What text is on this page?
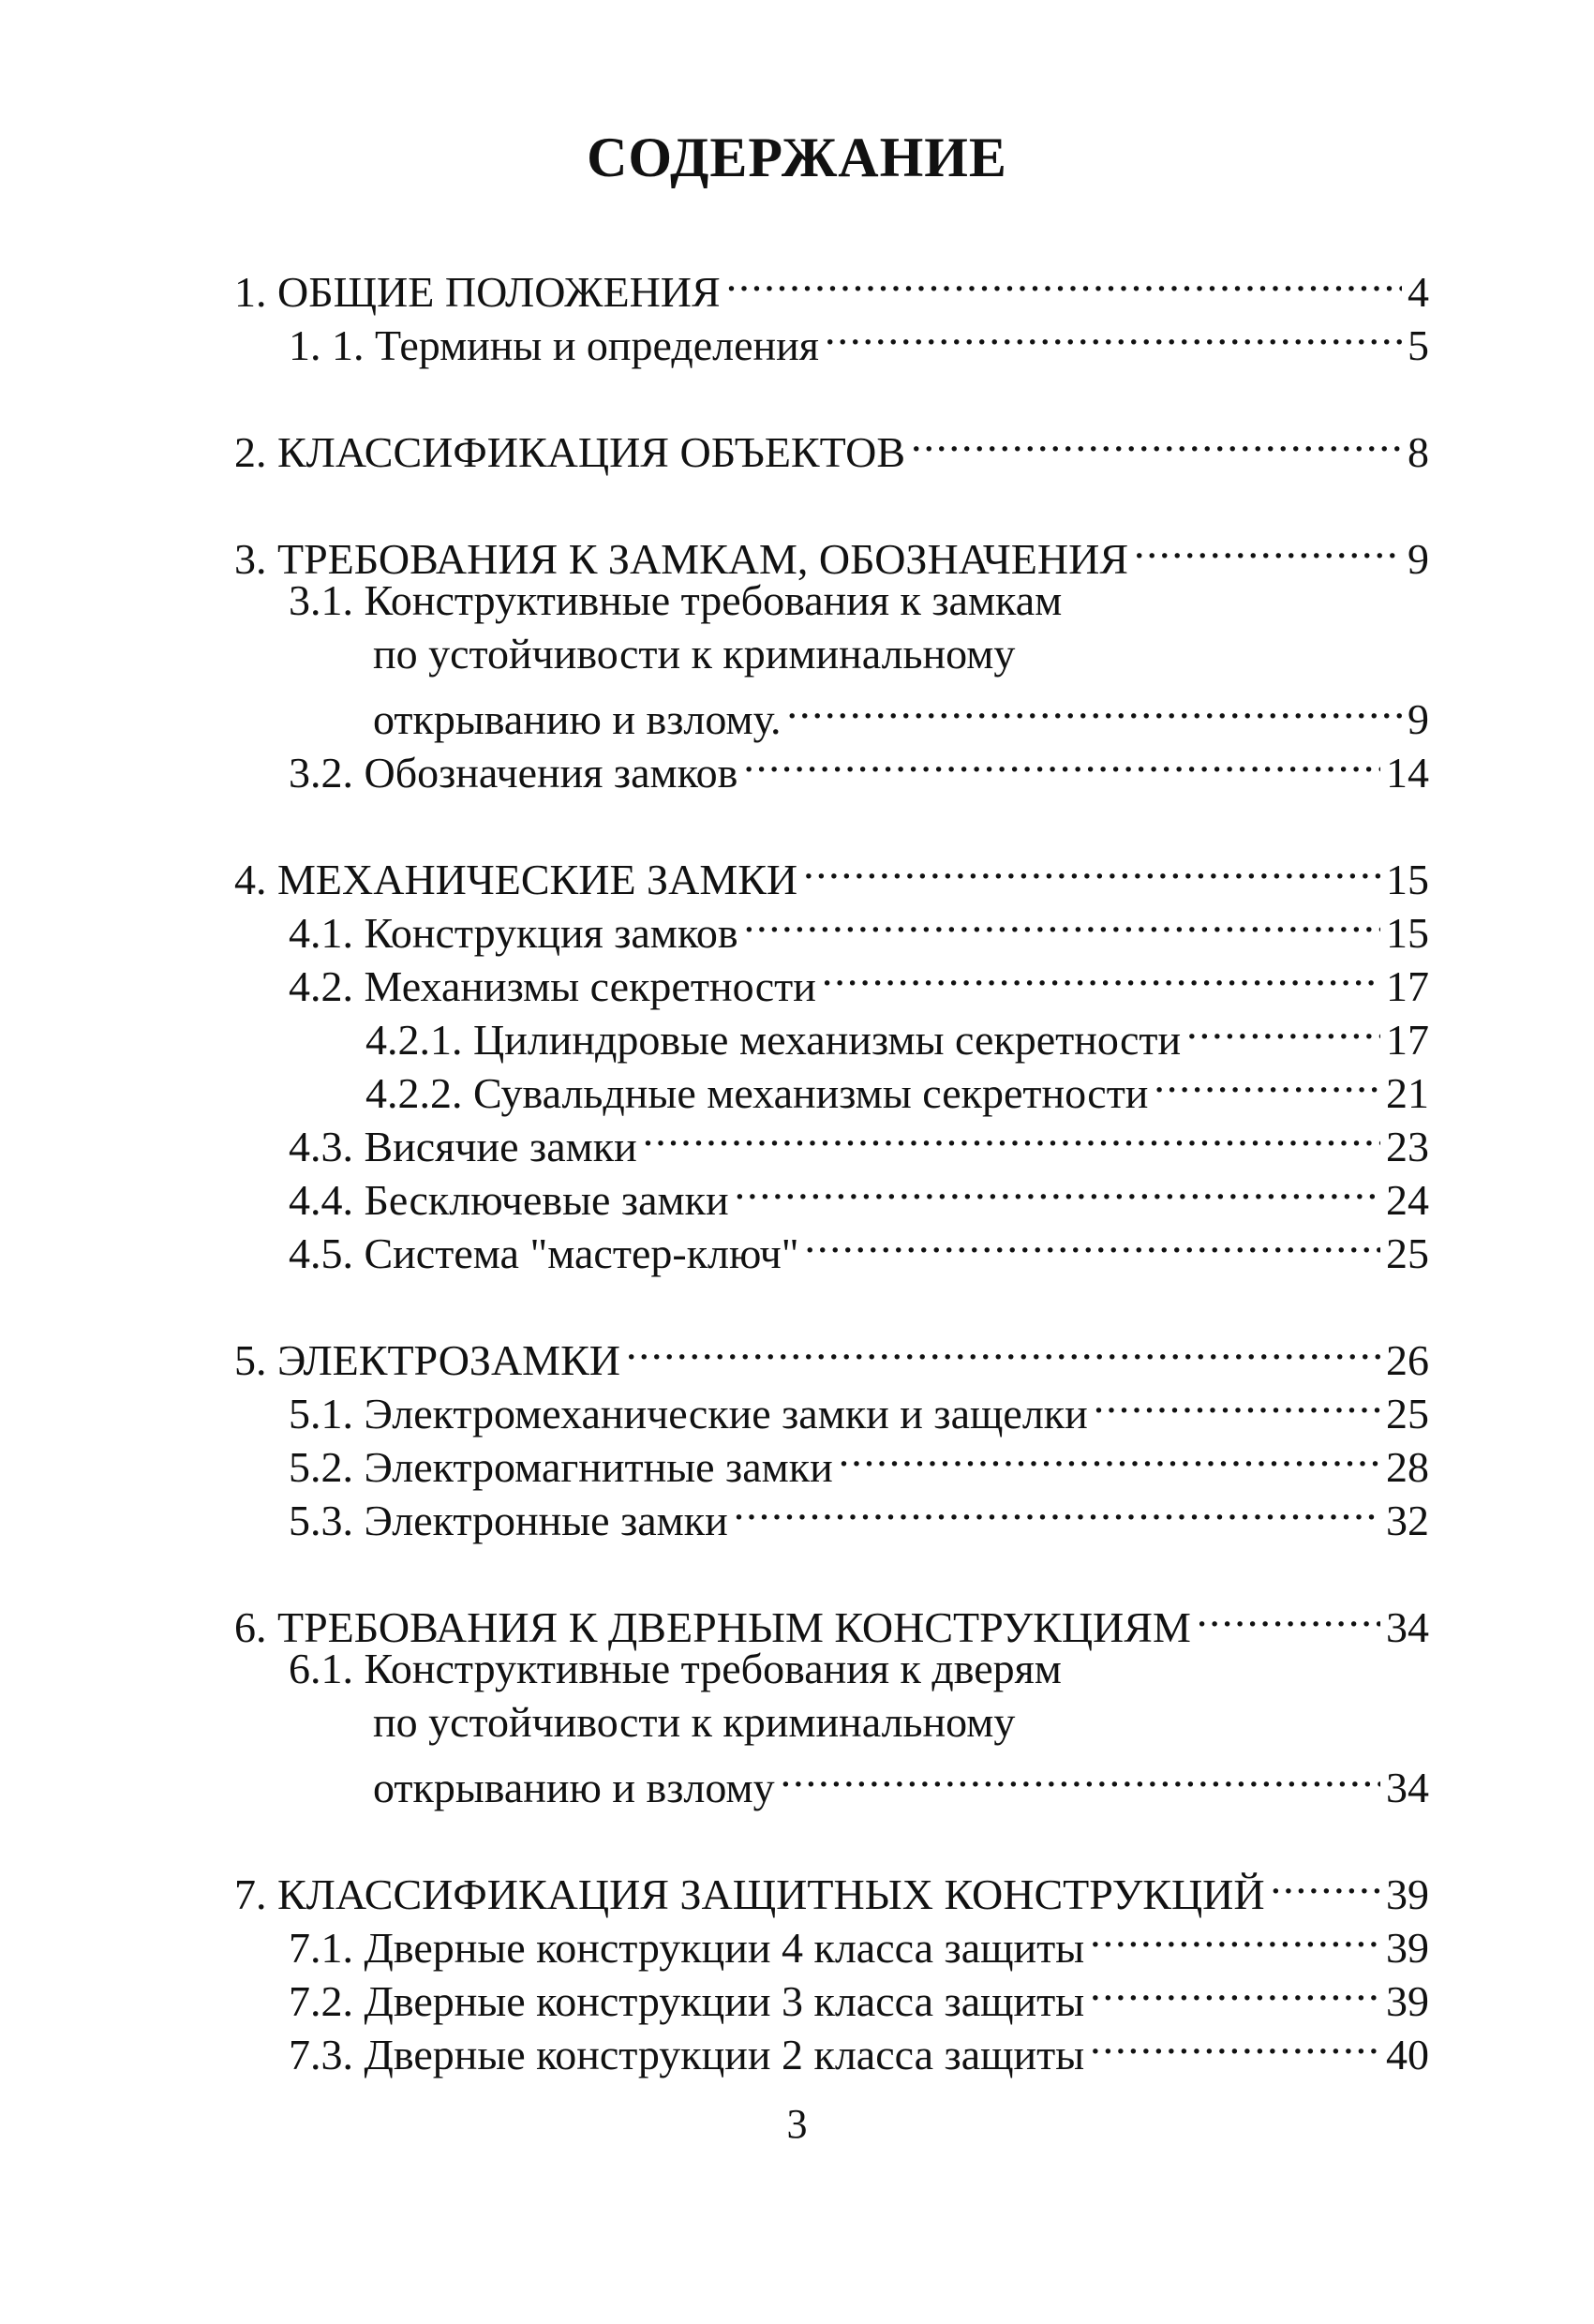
СОДЕРЖАНИЕ
1. ОБЩИЕ ПОЛОЖЕНИЯ .....	4
1. 1. Термины и определения .....	5
2. КЛАССИФИКАЦИЯ ОБЪЕКТОВ .....	8
3. ТРЕБОВАНИЯ К ЗАМКАМ, ОБОЗНАЧЕНИЯ .....	9
3.1. Конструктивные требования к замкам
по устойчивости к криминальному
открыванию и взлому. .....	9
3.2. Обозначения замков .....	14
4. МЕХАНИЧЕСКИЕ ЗАМКИ .....	15
4.1. Конструкция замков .....	15
4.2. Механизмы секретности .....	17
4.2.1. Цилиндровые механизмы секретности .....	17
4.2.2. Сувальдные механизмы секретности .....	21
4.3. Висячие замки .....	23
4.4. Бесключевые замки .....	24
4.5. Система "мастер-ключ" .....	25
5. ЭЛЕКТРОЗАМКИ .....	26
5.1. Электромеханические замки и защелки .....	25
5.2. Электромагнитные замки .....	28
5.3. Электронные замки .....	32
6. ТРЕБОВАНИЯ К ДВЕРНЫМ КОНСТРУКЦИЯМ .....	34
6.1. Конструктивные требования к дверям
по устойчивости к криминальному
открыванию и взлому .....	34
7. КЛАССИФИКАЦИЯ ЗАЩИТНЫХ КОНСТРУКЦИЙ .....	39
7.1. Дверные конструкции 4 класса защиты .....	39
7.2. Дверные конструкции 3 класса защиты .....	39
7.3. Дверные конструкции 2 класса защиты .....	40
3
